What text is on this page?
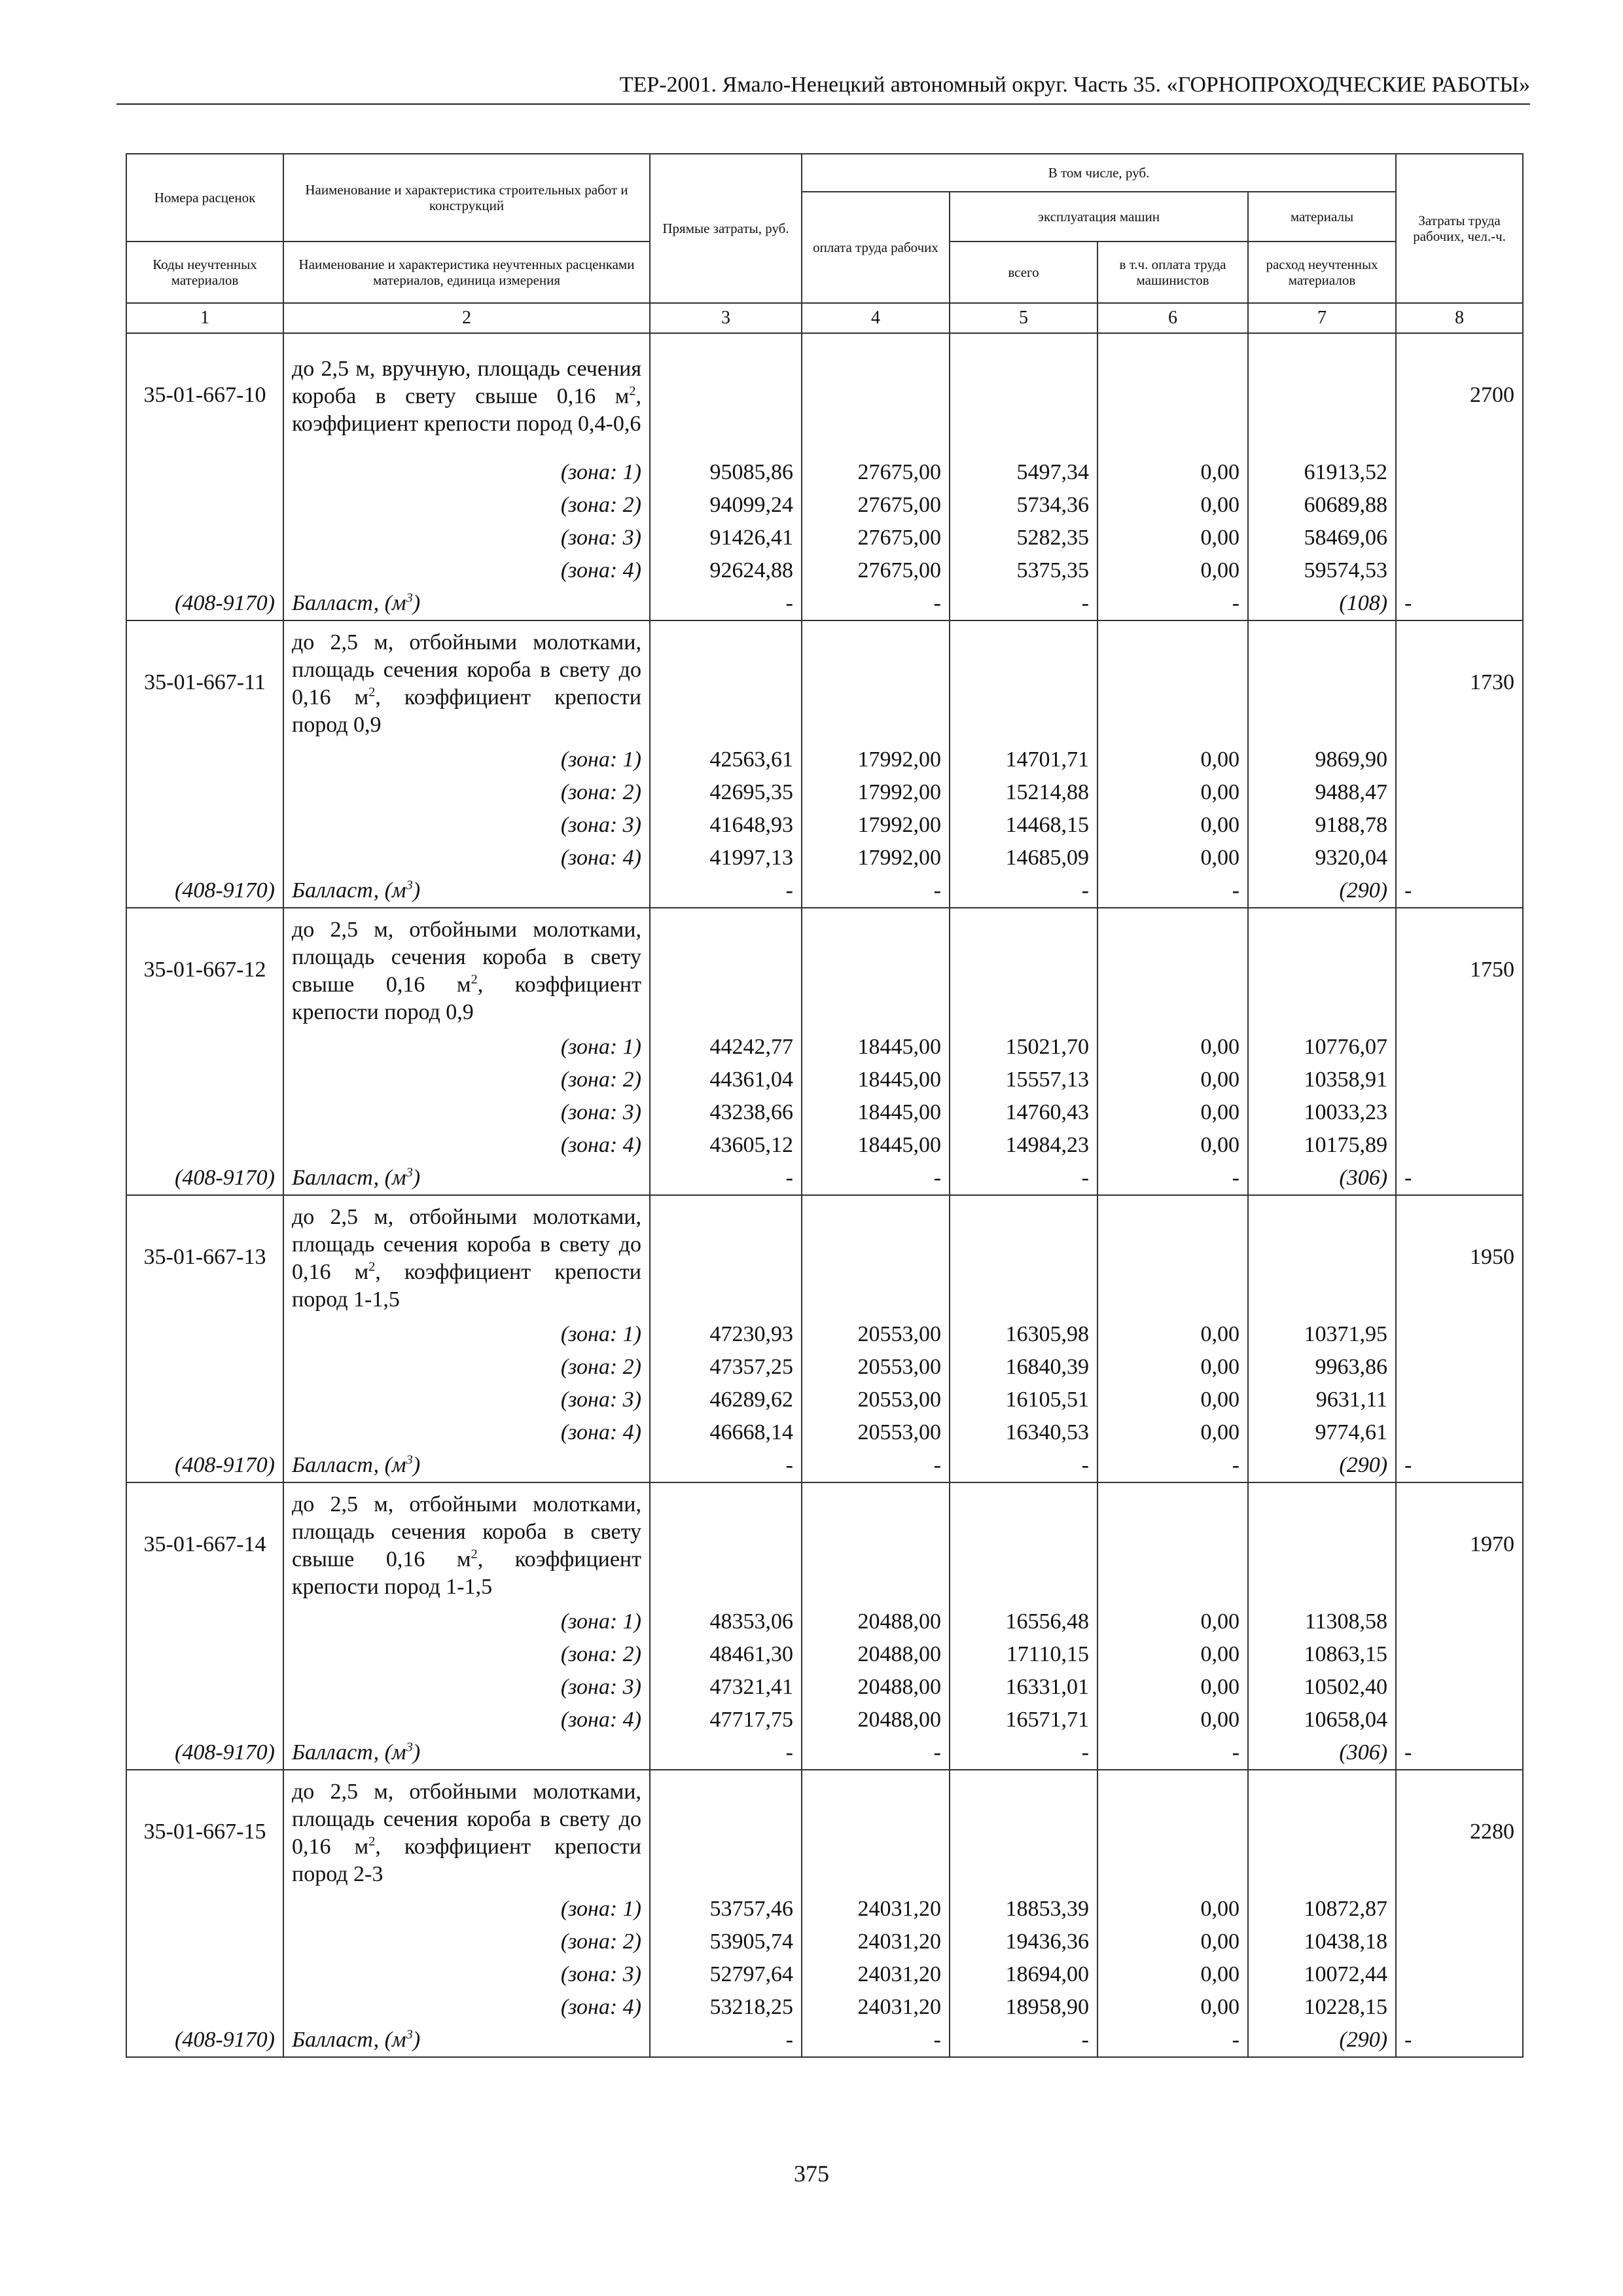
ТЕР-2001. Ямало-Ненецкий автономный округ. Часть 35. «ГОРНОПРОХОДЧЕСКИЕ РАБОТЫ»
Номера расценок	Наименование и характеристика строительных работ и конструкций	Прямые затраты, руб.	В том числе, руб.				Затраты труда рабочих, чел.-ч.
			оплата труда рабочих	эксплуатация машин		материалы	
Коды неучтенных материалов	Наименование и характеристика неучтенных расценками материалов, единица измерения			всего	в т.ч. оплата труда машинистов	расход неучтенных материалов	
1	2	3	4	5	6	7	8
35-01-667-10	до 2,5 м, вручную, площадь сечения короба в свету свыше 0,16 $м^2$, коэффициент крепости пород 0,4-0,6						2700
	(зона: 1)	95085,86	27675,00	5497,34	0,00	61913,52	
	(зона: 2)	94099,24	27675,00	5734,36	0,00	60689,88	
	(зона: 3)	91426,41	27675,00	5282,35	0,00	58469,06	
	(зона: 4)	92624,88	27675,00	5375,35	0,00	59574,53	
(408-9170)	Балласт, $(м^3)$	-	-	-	-	(108)	-
35-01-667-11	до 2,5 м, отбойными молотками, площадь сечения короба в свету до 0,16 $м^2$, коэффициент крепости пород 0,9						1730
	(зона: 1)	42563,61	17992,00	14701,71	0,00	9869,90	
	(зона: 2)	42695,35	17992,00	15214,88	0,00	9488,47	
	(зона: 3)	41648,93	17992,00	14468,15	0,00	9188,78	
	(зона: 4)	41997,13	17992,00	14685,09	0,00	9320,04	
(408-9170)	Балласт, $(м^3)$	-	-	-	-	(290)	-
35-01-667-12	до 2,5 м, отбойными молотками, площадь сечения короба в свету свыше 0,16 $м^2$, коэффициент крепости пород 0,9						1750
	(зона: 1)	44242,77	18445,00	15021,70	0,00	10776,07	
	(зона: 2)	44361,04	18445,00	15557,13	0,00	10358,91	
	(зона: 3)	43238,66	18445,00	14760,43	0,00	10033,23	
	(зона: 4)	43605,12	18445,00	14984,23	0,00	10175,89	
(408-9170)	Балласт, $(м^3)$	-	-	-	-	(306)	-
35-01-667-13	до 2,5 м, отбойными молотками, площадь сечения короба в свету до 0,16 $м^2$, коэффициент крепости пород 1-1,5						1950
	(зона: 1)	47230,93	20553,00	16305,98	0,00	10371,95	
	(зона: 2)	47357,25	20553,00	16840,39	0,00	9963,86	
	(зона: 3)	46289,62	20553,00	16105,51	0,00	9631,11	
	(зона: 4)	46668,14	20553,00	16340,53	0,00	9774,61	
(408-9170)	Балласт, $(м^3)$	-	-	-	-	(290)	-
35-01-667-14	до 2,5 м, отбойными молотками, площадь сечения короба в свету свыше 0,16 $м^2$, коэффициент крепости пород 1-1,5						1970
	(зона: 1)	48353,06	20488,00	16556,48	0,00	11308,58	
	(зона: 2)	48461,30	20488,00	17110,15	0,00	10863,15	
	(зона: 3)	47321,41	20488,00	16331,01	0,00	10502,40	
	(зона: 4)	47717,75	20488,00	16571,71	0,00	10658,04	
(408-9170)	Балласт, $(м^3)$	-	-	-	-	(306)	-
35-01-667-15	до 2,5 м, отбойными молотками, площадь сечения короба в свету до 0,16 $м^2$, коэффициент крепости пород 2-3						2280
	(зона: 1)	53757,46	24031,20	18853,39	0,00	10872,87	
	(зона: 2)	53905,74	24031,20	19436,36	0,00	10438,18	
	(зона: 3)	52797,64	24031,20	18694,00	0,00	10072,44	
	(зона: 4)	53218,25	24031,20	18958,90	0,00	10228,15	
(408-9170)	Балласт, $(м^3)$	-	-	-	-	(290)	-
375
